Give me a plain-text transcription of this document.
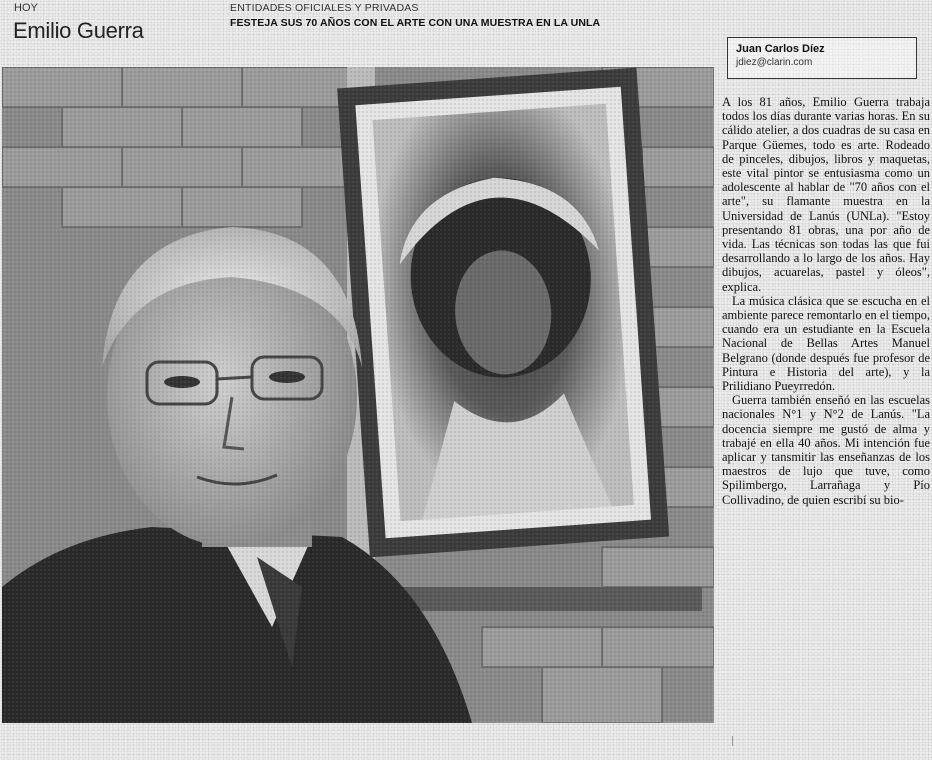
HOY
Emilio Guerra
ENTIDADES OFICIALES Y PRIVADAS
FESTEJA SUS 70 AÑOS CON EL ARTE CON UNA MUESTRA EN LA UNLA
Juan Carlos Díez
jdiez@clarin.com

A los 81 años, Emilio Guerra trabaja todos los días durante varias horas. En su cálido atelier, a dos cuadras de su casa en Parque Güemes, todo es arte. Rodeado de pinceles, dibujos, libros y maquetas, este vital pintor se entusiasma como un adolescente al hablar de "70 años con el arte", su flamante muestra en la Universidad de Lanús (UNLa). "Estoy presentando 81 obras, una por año de vida. Las técnicas son todas las que fui desarrollando a lo largo de los años. Hay dibujos, acuarelas, pastel y óleos", explica.

La música clásica que se escucha en el ambiente parece remontarlo en el tiempo, cuando era un estudiante en la Escuela Nacional de Bellas Artes Manuel Belgrano (donde después fue profesor de Pintura e Historia del arte), y la Prilidiano Pueyrredón.

Guerra también enseñó en las escuelas nacionales N°1 y N°2 de Lanús. "La docencia siempre me gustó de alma y trabajé en ella 40 años. Mi intención fue aplicar y tansmitir las enseñanzas de los maestros de lujo que tuve, como Spilimbergo, Larrañaga y Pío Collivadino, de quien escribí su bio-
